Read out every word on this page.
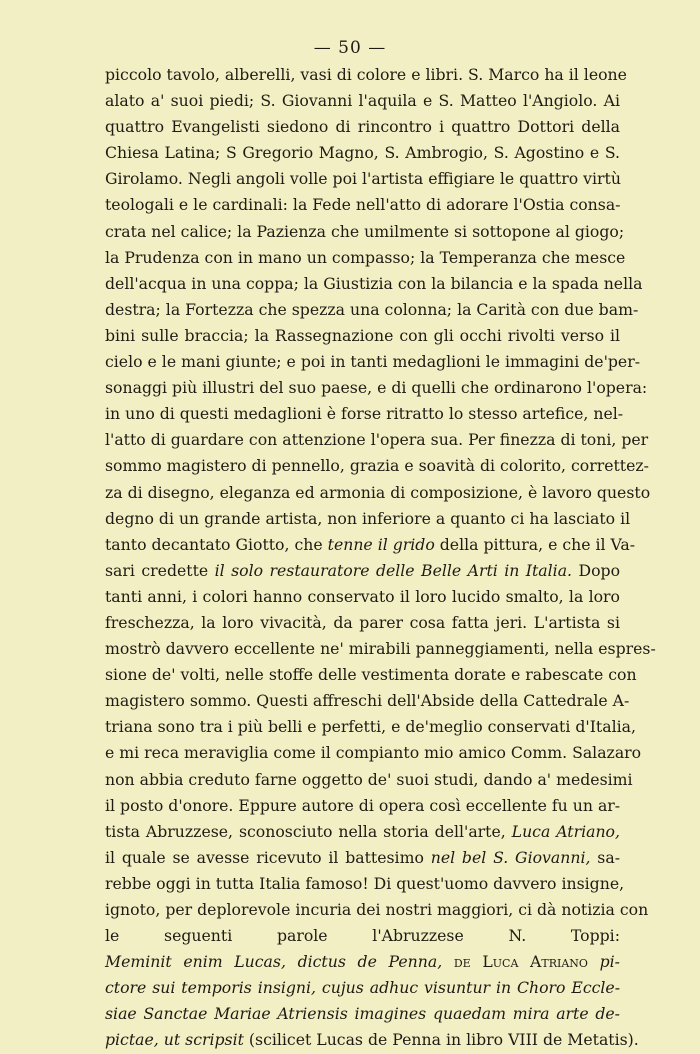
— 50 —
piccolo tavolo, alberelli, vasi di colore e libri. S. Marco ha il leone
alato a' suoi piedi; S. Giovanni l'aquila e S. Matteo l'Angiolo. Ai
quattro Evangelisti siedono di rincontro i quattro Dottori della
Chiesa Latina; S Gregorio Magno, S. Ambrogio, S. Agostino e S.
Girolamo. Negli angoli volle poi l'artista effigiare le quattro virtù
teologali e le cardinali: la Fede nell'atto di adorare l'Ostia consa-
crata nel calice; la Pazienza che umilmente si sottopone al giogo;
la Prudenza con in mano un compasso; la Temperanza che mesce
dell'acqua in una coppa; la Giustizia con la bilancia e la spada nella
destra; la Fortezza che spezza una colonna; la Carità con due bam-
bini sulle braccia; la Rassegnazione con gli occhi rivolti verso il
cielo e le mani giunte; e poi in tanti medaglioni le immagini de'per-
sonaggi più illustri del suo paese, e di quelli che ordinarono l'opera:
in uno di questi medaglioni è forse ritratto lo stesso artefice, nel-
l'atto di guardare con attenzione l'opera sua. Per finezza di toni, per
sommo magistero di pennello, grazia e soavità di colorito, correttez-
za di disegno, eleganza ed armonia di composizione, è lavoro questo
degno di un grande artista, non inferiore a quanto ci ha lasciato il
tanto decantato Giotto, che tenne il grido della pittura, e che il Va-
sari credette il solo restauratore delle Belle Arti in Italia. Dopo
tanti anni, i colori hanno conservato il loro lucido smalto, la loro
freschezza, la loro vivacità, da parer cosa fatta jeri. L'artista si
mostrò davvero eccellente ne' mirabili panneggiamenti, nella espres-
sione de' volti, nelle stoffe delle vestimenta dorate e rabescate con
magistero sommo. Questi affreschi dell'Abside della Cattedrale A-
triana sono tra i più belli e perfetti, e de'meglio conservati d'Italia,
e mi reca meraviglia come il compianto mio amico Comm. Salazaro
non abbia creduto farne oggetto de' suoi studi, dando a' medesimi
il posto d'onore. Eppure autore di opera così eccellente fu un ar-
tista Abruzzese, sconosciuto nella storia dell'arte, Luca Atriano,
il quale se avesse ricevuto il battesimo nel bel S. Giovanni, sa-
rebbe oggi in tutta Italia famoso! Di quest'uomo davvero insigne,
ignoto, per deplorevole incuria dei nostri maggiori, ci dà notizia con
le seguenti parole l'Abruzzese N. Toppi:
Meminit enim Lucas, dictus de Penna, de Luca Atriano pi-
ctore sui temporis insigni, cujus adhuc visuntur in Choro Eccle-
siae Sanctae Mariae Atriensis imagines quaedam mira arte de-
pictae, ut scripsit (scilicet Lucas de Penna in libro VIII de Metatis).
